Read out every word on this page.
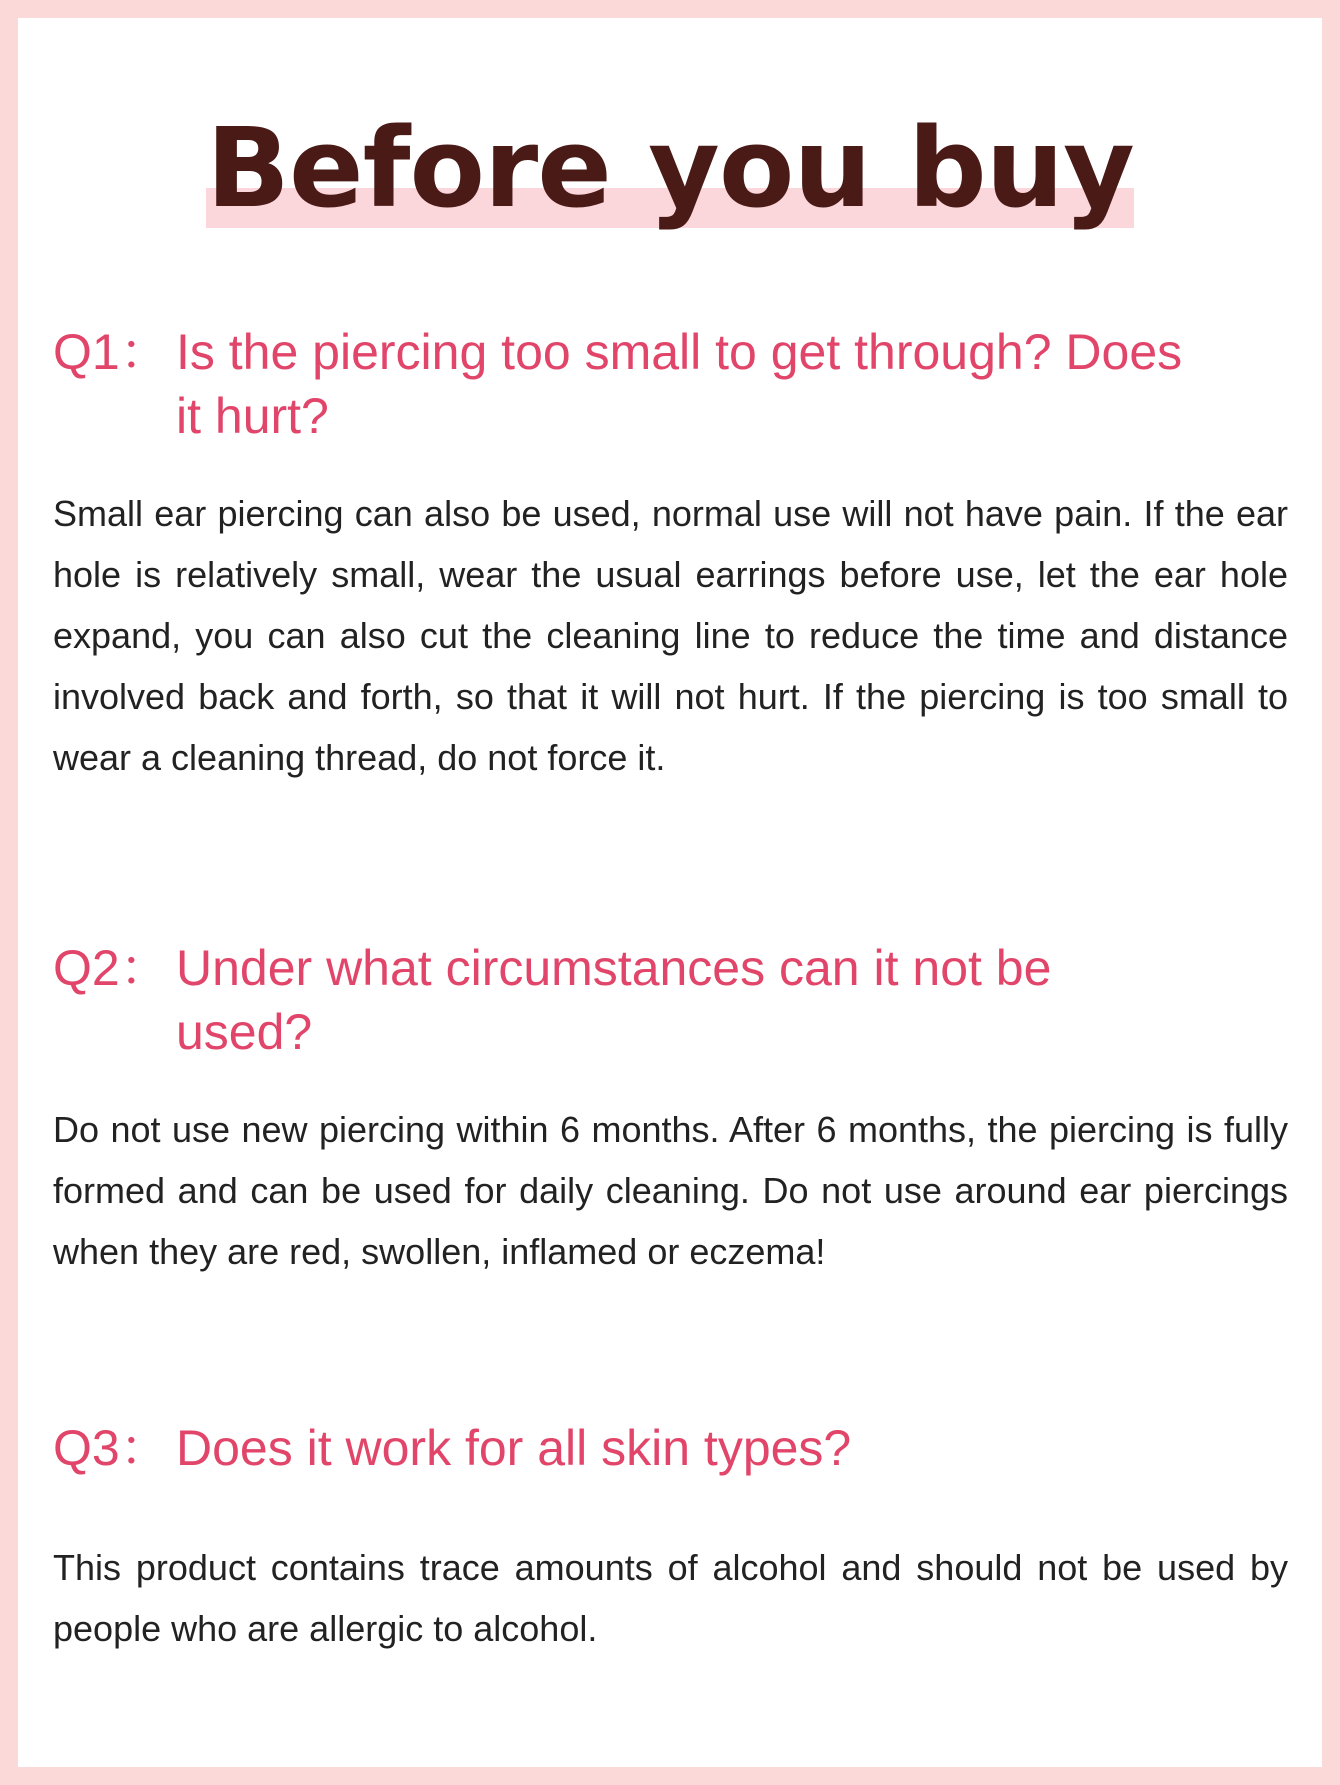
Before you buy
Q1： Is the piercing too small to get through? Does it hurt?
Small ear piercing can also be used, normal use will not have pain. If the ear hole is relatively small, wear the usual earrings before use, let the ear hole expand, you can also cut the cleaning line to reduce the time and distance involved back and forth, so that it will not hurt. If the piercing is too small to wear a cleaning thread, do not force it.
Q2： Under what circumstances can it not be used?
Do not use new piercing within 6 months. After 6 months, the piercing is fully formed and can be used for daily cleaning. Do not use around ear piercings when they are red, swollen, inflamed or eczema!
Q3： Does it work for all skin types?
This product contains trace amounts of alcohol and should not be used by people who are allergic to alcohol.
